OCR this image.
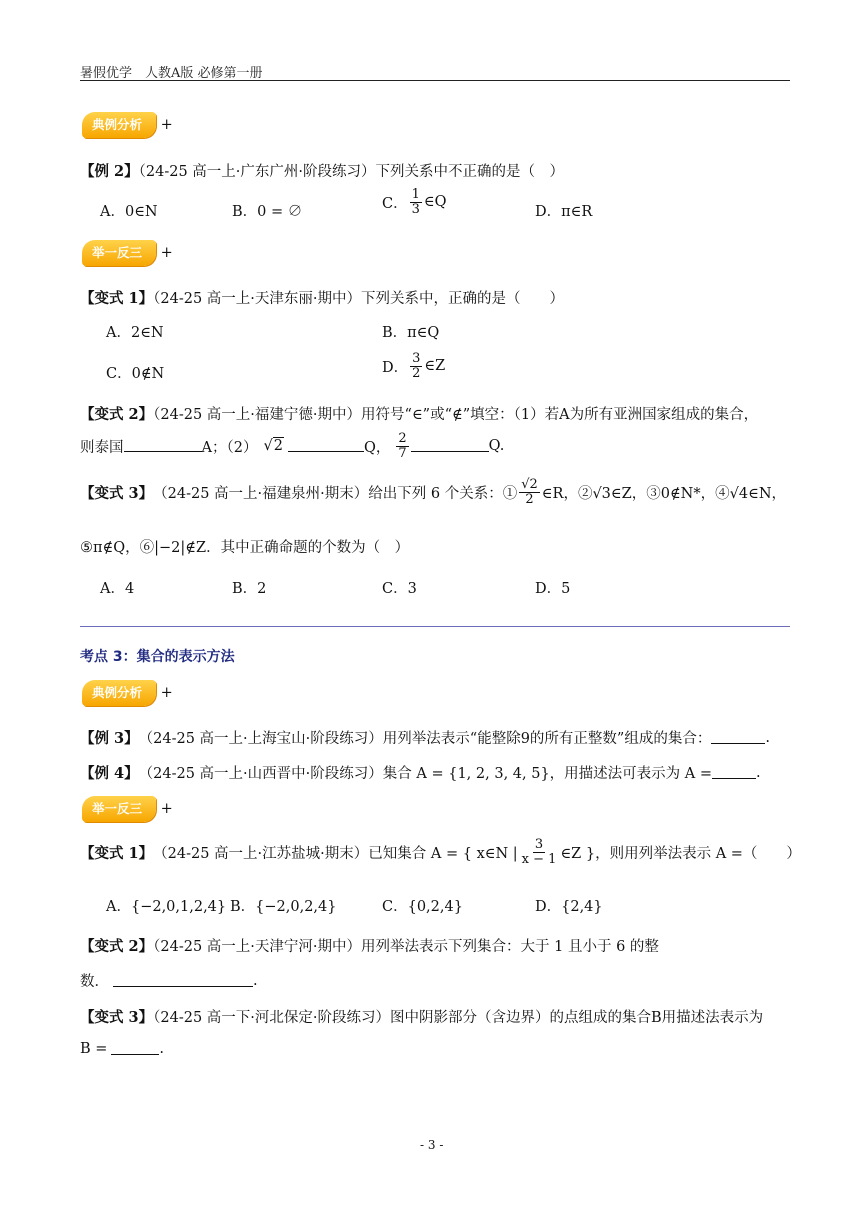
暑假优学　人教A版 必修第一册
典例分析 +
【例 2】（24-25 高一上·广东广州·阶段练习）下列关系中不正确的是（　）
A．0∈N	B．0 = ∅
C． $\frac{1}{3}$ ∈Q
D．π∈R
举一反三 +
【变式 1】（24-25 高一上·天津东丽·期中）下列关系中，正确的是（　　）
A．2∈N	B．π∈Q
C．0∉N	D． $\frac{3}{2}$ ∈Z
【变式 2】（24-25 高一上·福建宁德·期中）用符号“∈”或“∉”填空：（1）若A为所有亚洲国家组成的集合，
则泰国	A；（2） √2	Q， $\frac{2}{7}$	Q.
【变式 3】 （24-25 高一上·福建泉州·期末） 给出下列 6 个关系：① $\frac{√2}{2}$ ∈R，②√3∈Z，③0∉N*，④√4∈N，
⑤π∉Q，⑥|−2|∉Z．其中正确命题的个数为（　）
A．4	B．2	C．3	D．5
考点 3：集合的表示方法
典例分析 +
【例 3】 （24-25 高一上·上海宝山·阶段练习） 用列举法表示“能整除9的所有正整数”组成的集合：	.
【例 4】 （24-25 高一上·山西晋中·阶段练习） 集合 A = {1, 2, 3, 4, 5}，用描述法可表示为 A =	.
举一反三 +
【变式 1】 （24-25 高一上·江苏盐城·期末） 已知集合 A = { x∈N | $\frac{3}{x - 1}$ ∈Z }，则用列举法表示 A =（　　）
A．{−2,0,1,2,4} B．{−2,0,2,4}	C．{0,2,4}	D．{2,4}
【变式 2】（24-25 高一上·天津宁河·期中）用列举法表示下列集合：大于 1 且小于 6 的整
数．	.
【变式 3】（24-25 高一下·河北保定·阶段练习）图中阴影部分（含边界）的点组成的集合B用描述法表示为
B =	.
- 3 -
